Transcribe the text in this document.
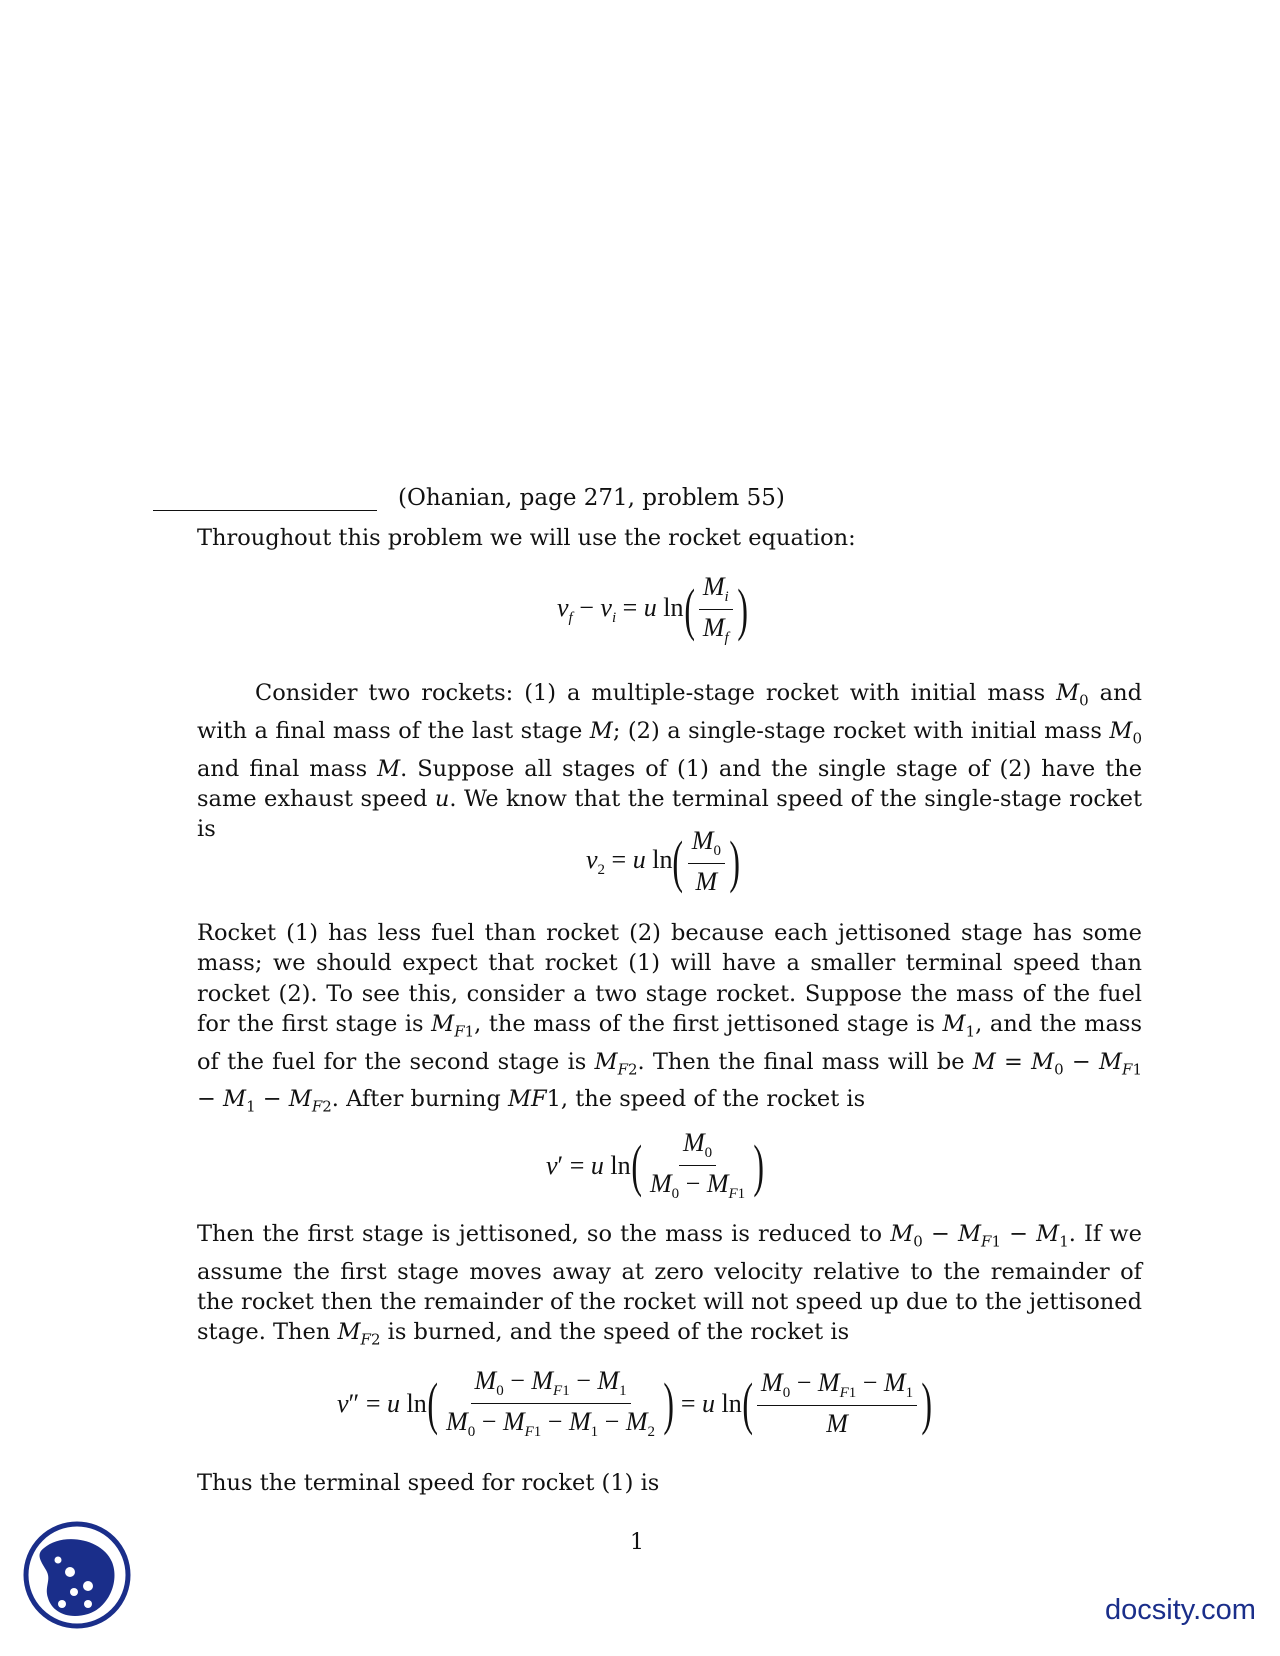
(Ohanian, page 271, problem 55)
Throughout this problem we will use the rocket equation:
$v_f - v_i = u$ ln ( $\frac{M_i}{M_f}$ )
Consider two rockets: (1) a multiple-stage rocket with initial mass $M_0$ and with a final mass of the last stage M; (2) a single-stage rocket with initial mass $M_0$ and final mass M. Suppose all stages of (1) and the single stage of (2) have the same exhaust speed u. We know that the terminal speed of the single-stage rocket is
$v_2 = u$ ln ( $\frac{M_0}{M}$ )
Rocket (1) has less fuel than rocket (2) because each jettisoned stage has some mass; we should expect that rocket (1) will have a smaller terminal speed than rocket (2). To see this, consider a two stage rocket. Suppose the mass of the fuel for the first stage is $M_{F1}$, the mass of the first jettisoned stage is $M_1$, and the mass of the fuel for the second stage is $M_{F2}$. Then the final mass will be $M = M_0 - M_{F1} - M_1 - M_{F2}$. After burning MF1, the speed of the rocket is
v′ = u ln ( $\frac{M_0}{M_0 - M_{F1}}$ )
Then the first stage is jettisoned, so the mass is reduced to $M_0 - M_{F1} - M_1$. If we assume the first stage moves away at zero velocity relative to the remainder of the rocket then the remainder of the rocket will not speed up due to the jettisoned stage. Then $M_{F2}$ is burned, and the speed of the rocket is
v″ = u ln ( $\frac{M_0 - M_{F1} - M_1}{M_0 - M_{F1} - M_1 - M_2}$ ) = u ln ( $\frac{M_0 - M_{F1} - M_1}{M}$ )
Thus the terminal speed for rocket (1) is
1
docsity.com
